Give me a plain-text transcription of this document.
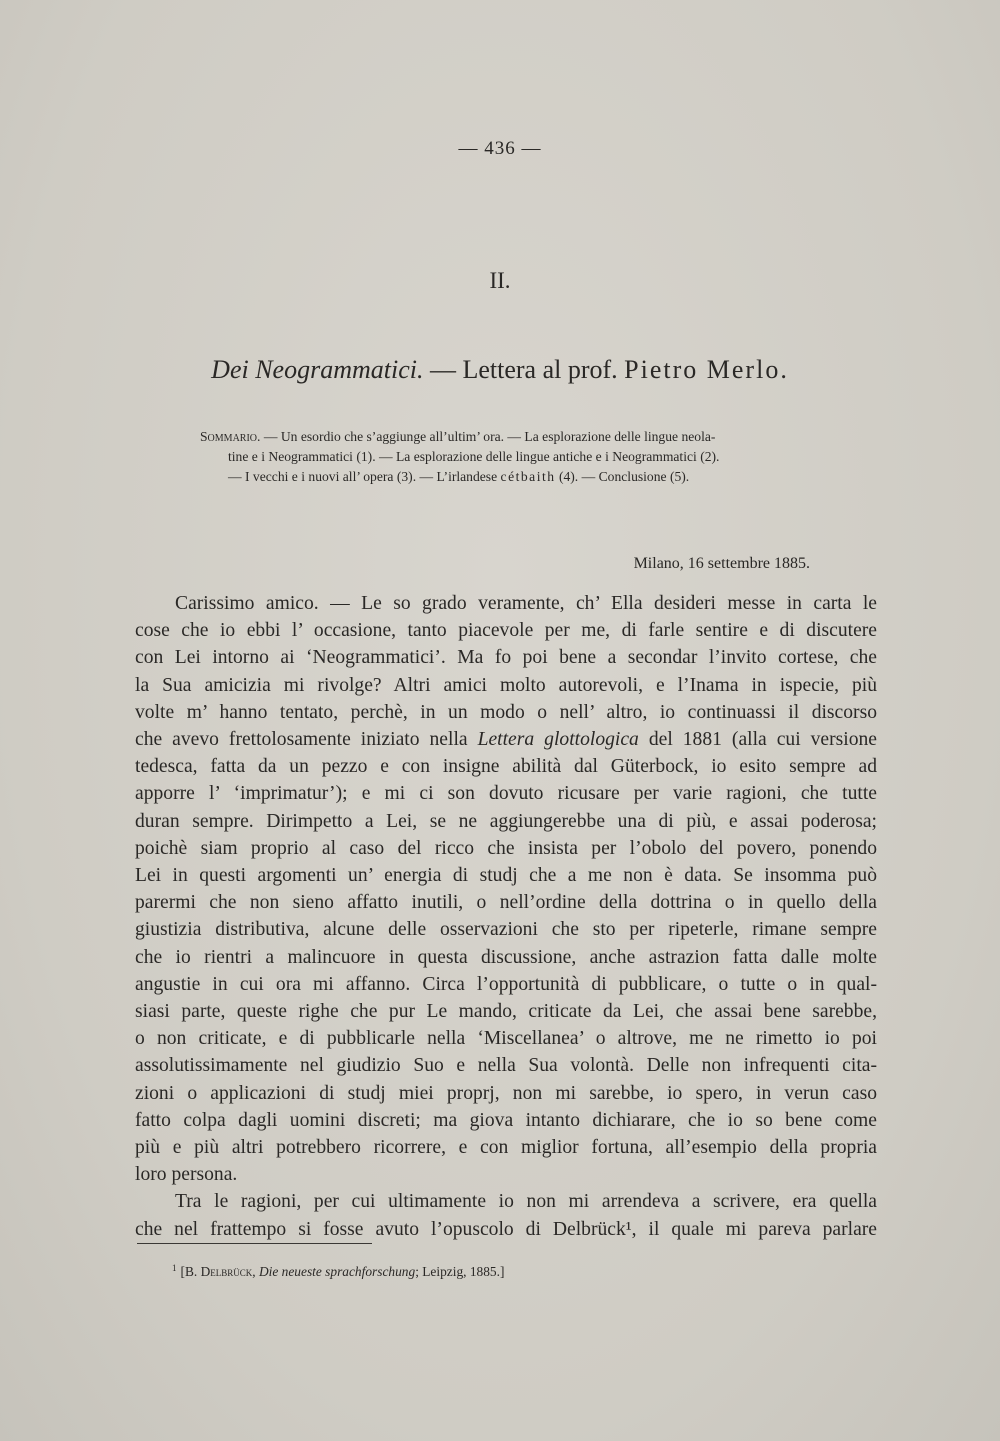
— 436 —
II.
Dei Neogrammatici. — Lettera al prof. Pietro Merlo.
Sommario. — Un esordio che s’aggiunge all’ultim’ ora. — La esplorazione delle lingue neola-
tine e i Neogrammatici (1). — La esplorazione delle lingue antiche e i Neogrammatici (2).
— I vecchi e i nuovi all’ opera (3). — L’irlandese cétbaith (4). — Conclusione (5).
Milano, 16 settembre 1885.

Carissimo amico. — Le so grado veramente, ch’ Ella desideri messe in carta le
cose che io ebbi l’ occasione, tanto piacevole per me, di farle sentire e di discutere
con Lei intorno ai ‘Neogrammatici’. Ma fo poi bene a secondar l’invito cortese, che
la Sua amicizia mi rivolge? Altri amici molto autorevoli, e l’Inama in ispecie, più
volte m’ hanno tentato, perchè, in un modo o nell’ altro, io continuassi il discorso
che avevo frettolosamente iniziato nella Lettera glottologica del 1881 (alla cui versione
tedesca, fatta da un pezzo e con insigne abilità dal Güterbock, io esito sempre ad
apporre l’ ‘imprimatur’); e mi ci son dovuto ricusare per varie ragioni, che tutte
duran sempre. Dirimpetto a Lei, se ne aggiungerebbe una di più, e assai poderosa;
poichè siam proprio al caso del ricco che insista per l’obolo del povero, ponendo
Lei in questi argomenti un’ energia di studj che a me non è data. Se insomma può
parermi che non sieno affatto inutili, o nell’ordine della dottrina o in quello della
giustizia distributiva, alcune delle osservazioni che sto per ripeterle, rimane sempre
che io rientri a malincuore in questa discussione, anche astrazion fatta dalle molte
angustie in cui ora mi affanno. Circa l’opportunità di pubblicare, o tutte o in qual-
siasi parte, queste righe che pur Le mando, criticate da Lei, che assai bene sarebbe,
o non criticate, e di pubblicarle nella ‘Miscellanea’ o altrove, me ne rimetto io poi
assolutissimamente nel giudizio Suo e nella Sua volontà. Delle non infrequenti cita-
zioni o applicazioni di studj miei proprj, non mi sarebbe, io spero, in verun caso
fatto colpa dagli uomini discreti; ma giova intanto dichiarare, che io so bene come
più e più altri potrebbero ricorrere, e con miglior fortuna, all’esempio della propria
loro persona.

Tra le ragioni, per cui ultimamente io non mi arrendeva a scrivere, era quella
che nel frattempo si fosse avuto l’opuscolo di Delbrück¹, il quale mi pareva parlare

$^1$ [B. Delbrück, Die neueste sprachforschung; Leipzig, 1885.]
